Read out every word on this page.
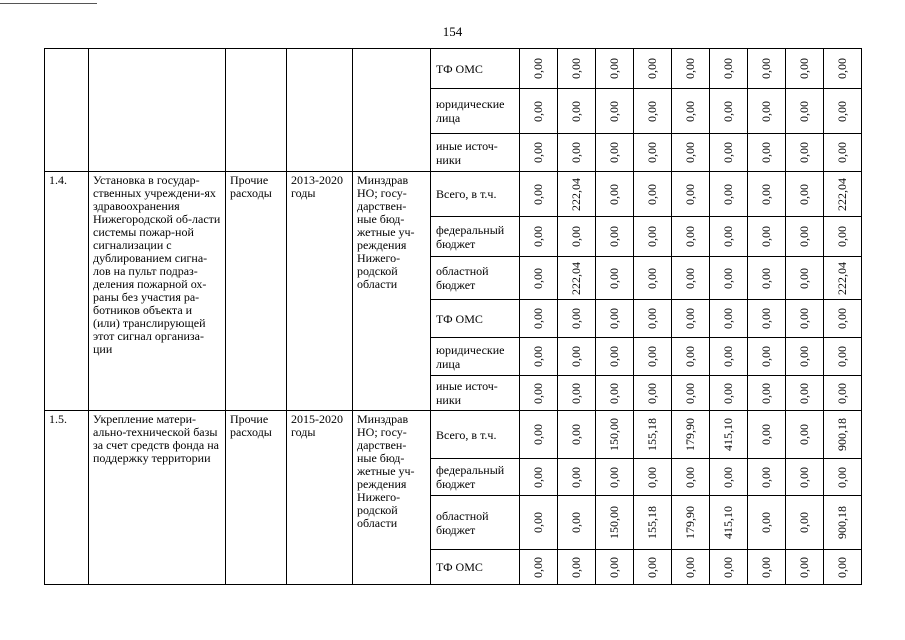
154

					ТФ ОМС	0,00	0,00	0,00	0,00	0,00	0,00	0,00	0,00	0,00

					юридические лица	0,00	0,00	0,00	0,00	0,00	0,00	0,00	0,00	0,00

					иные источ-ники	0,00	0,00	0,00	0,00	0,00	0,00	0,00	0,00	0,00
1.4.	Установка в государ-ственных учреждени-ях здравоохранения Нижегородской об-ласти системы пожар-ной сигнализации с дублированием сигна-лов на пульт подраз-деления пожарной ох-раны без участия ра-ботников объекта и (или) транслирующей этот сигнал организа-ции	Прочие расходы	2013-2020 годы	Минздрав НО; госу-дарствен-ные бюд-жетные уч-реждения Нижего-родской области	Всего, в т.ч.	0,00	222,04	0,00	0,00	0,00	0,00	0,00	0,00	222,04

					федеральный бюджет	0,00	0,00	0,00	0,00	0,00	0,00	0,00	0,00	0,00

					областной бюджет	0,00	222,04	0,00	0,00	0,00	0,00	0,00	0,00	222,04

					ТФ ОМС	0,00	0,00	0,00	0,00	0,00	0,00	0,00	0,00	0,00

					юридические лица	0,00	0,00	0,00	0,00	0,00	0,00	0,00	0,00	0,00

					иные источ-ники	0,00	0,00	0,00	0,00	0,00	0,00	0,00	0,00	0,00
1.5.	Укрепление матери-ально-технической базы за счет средств фонда на поддержку территории	Прочие расходы	2015-2020 годы	Минздрав НО; госу-дарствен-ные бюд-жетные уч-реждения Нижего-родской области	Всего, в т.ч.	0,00	0,00	150,00	155,18	179,90	415,10	0,00	0,00	900,18

					федеральный бюджет	0,00	0,00	0,00	0,00	0,00	0,00	0,00	0,00	0,00

					областной бюджет	0,00	0,00	150,00	155,18	179,90	415,10	0,00	0,00	900,18

					ТФ ОМС	0,00	0,00	0,00	0,00	0,00	0,00	0,00	0,00	0,00
